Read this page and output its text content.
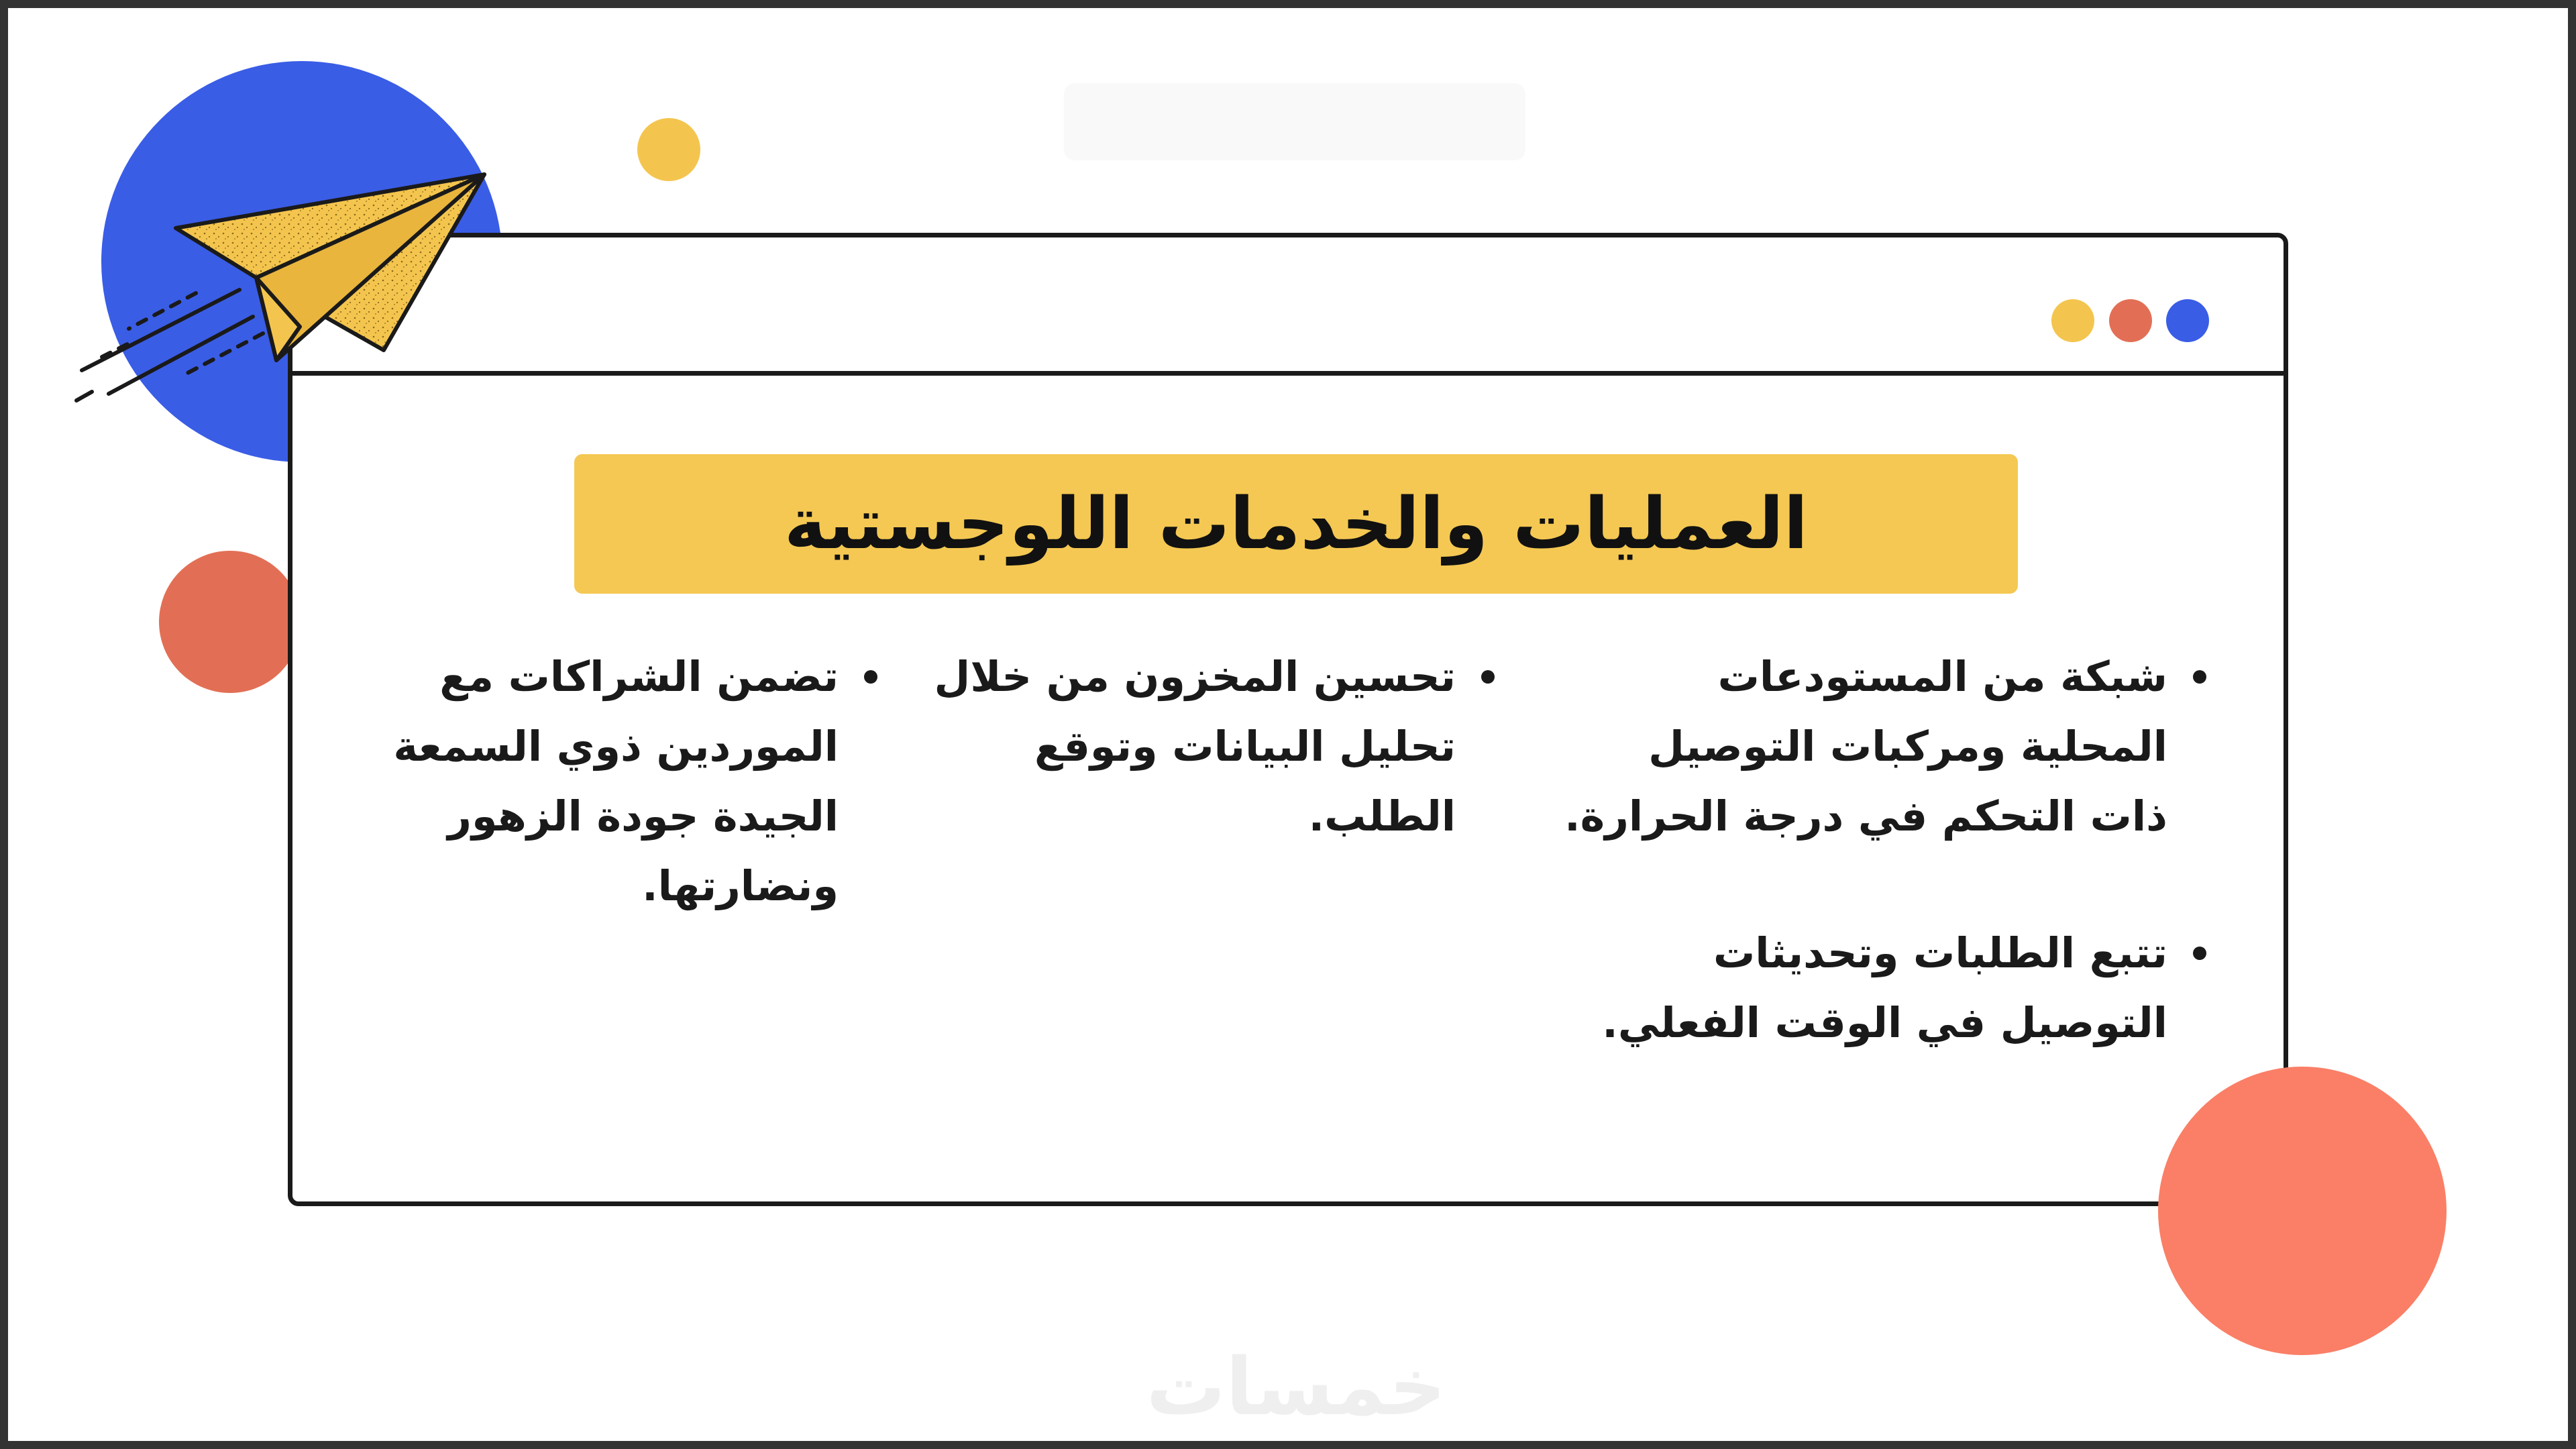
العمليات والخدمات اللوجستية
شبكة من المستودعات المحلية ومركبات التوصيل ذات التحكم في درجة الحرارة.
تتبع الطلبات وتحديثات التوصيل في الوقت الفعلي.
تحسين المخزون من خلال تحليل البيانات وتوقع الطلب.
تضمن الشراكات مع الموردين ذوي السمعة الجيدة جودة الزهور ونضارتها.
خمسات
